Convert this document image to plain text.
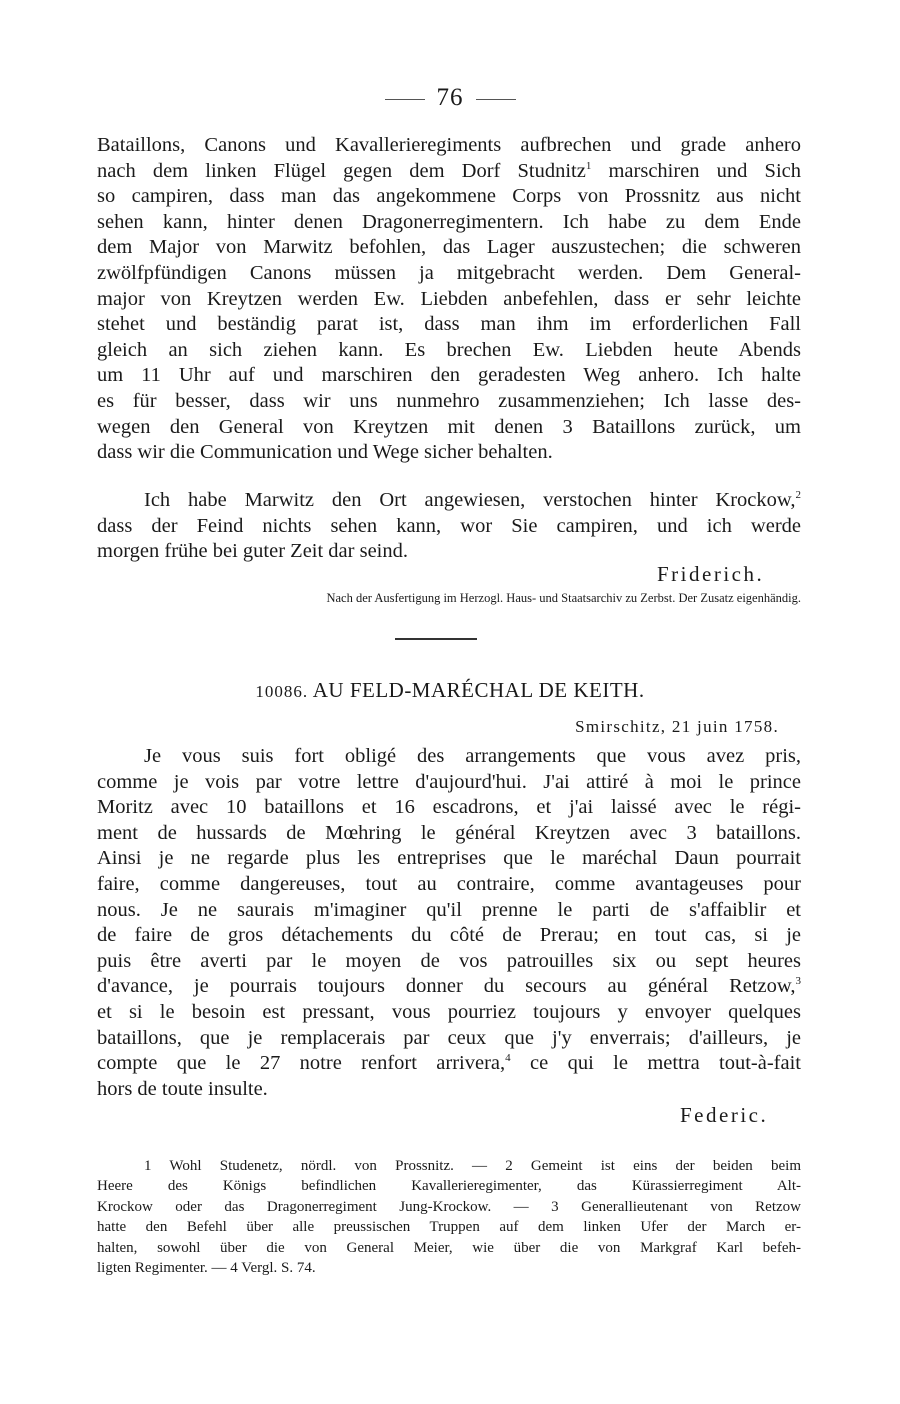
76
Bataillons, Canons und Kavallerieregiments aufbrechen und grade anhero
nach dem linken Flügel gegen dem Dorf Studnitz$^1$ marschiren und Sich
so campiren, dass man das angekommene Corps von Prossnitz aus nicht
sehen kann, hinter denen Dragonerregimentern. Ich habe zu dem Ende
dem Major von Marwitz befohlen, das Lager auszustechen; die schweren
zwölfpfündigen Canons müssen ja mitgebracht werden. Dem General-
major von Kreytzen werden Ew. Liebden anbefehlen, dass er sehr leichte
stehet und beständig parat ist, dass man ihm im erforderlichen Fall
gleich an sich ziehen kann. Es brechen Ew. Liebden heute Abends
um 11 Uhr auf und marschiren den geradesten Weg anhero. Ich halte
es für besser, dass wir uns nunmehro zusammenziehen; Ich lasse des-
wegen den General von Kreytzen mit denen 3 Bataillons zurück, um
dass wir die Communication und Wege sicher behalten.
Ich habe Marwitz den Ort angewiesen, verstochen hinter Krockow,$^2$
dass der Feind nichts sehen kann, wor Sie campiren, und ich werde
morgen frühe bei guter Zeit dar seind.
Friderich.
Nach der Ausfertigung im Herzogl. Haus- und Staatsarchiv zu Zerbst. Der Zusatz eigenhändig.
10086. AU FELD-MARÉCHAL DE KEITH.
Smirschitz, 21 juin 1758.
Je vous suis fort obligé des arrangements que vous avez pris,
comme je vois par votre lettre d'aujourd'hui. J'ai attiré à moi le prince
Moritz avec 10 bataillons et 16 escadrons, et j'ai laissé avec le régi-
ment de hussards de Mœhring le général Kreytzen avec 3 bataillons.
Ainsi je ne regarde plus les entreprises que le maréchal Daun pourrait
faire, comme dangereuses, tout au contraire, comme avantageuses pour
nous. Je ne saurais m'imaginer qu'il prenne le parti de s'affaiblir et
de faire de gros détachements du côté de Prerau; en tout cas, si je
puis être averti par le moyen de vos patrouilles six ou sept heures
d'avance, je pourrais toujours donner du secours au général Retzow,$^3$
et si le besoin est pressant, vous pourriez toujours y envoyer quelques
bataillons, que je remplacerais par ceux que j'y enverrais; d'ailleurs, je
compte que le 27 notre renfort arrivera,$^4$ ce qui le mettra tout-à-fait
hors de toute insulte.
Federic.
1 Wohl Studenetz, nördl. von Prossnitz. — 2 Gemeint ist eins der beiden beim
Heere des Königs befindlichen Kavallerieregimenter, das Kürassierregiment Alt-
Krockow oder das Dragonerregiment Jung-Krockow. — 3 Generallieutenant von Retzow
hatte den Befehl über alle preussischen Truppen auf dem linken Ufer der March er-
halten, sowohl über die von General Meier, wie über die von Markgraf Karl befeh-
ligten Regimenter. — 4 Vergl. S. 74.
